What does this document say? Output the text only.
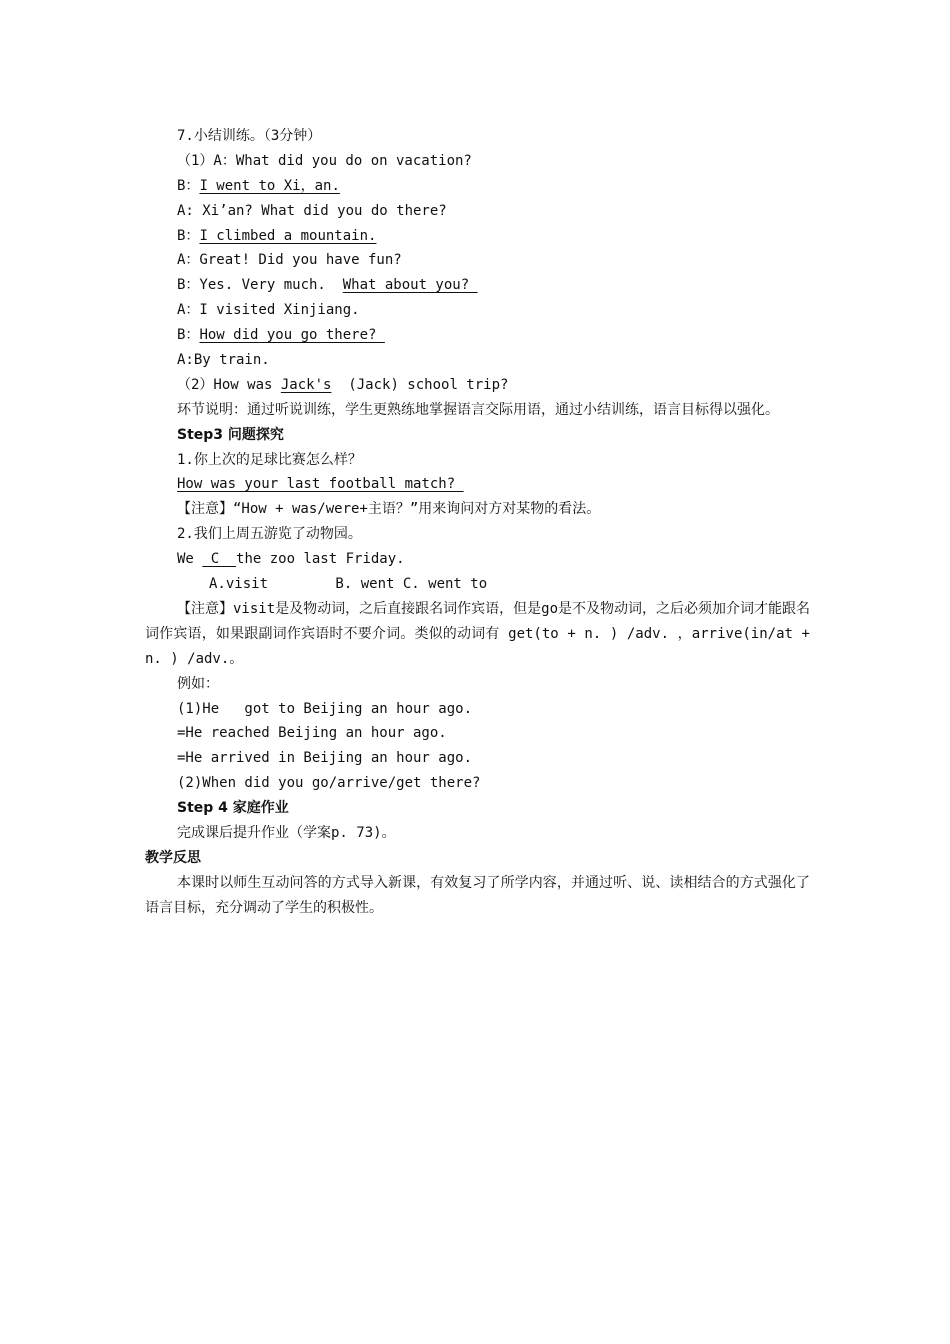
7.小结训练。（3分钟）
（1）A：What did you do on vacation?
B：I went to Xi，an.
A: Xi’an? What did you do there?
B：I climbed a mountain.
A：Great! Did you have fun?
B：Yes. Very much.  What about you?
A：I visited Xinjiang.
B：How did you go there?
A:By train.
（2）How was Jack's  (Jack) school trip?
环节说明：通过听说训练，学生更熟练地掌握语言交际用语，通过小结训练，语言目标得以强化。
Step3 问题探究
1.你上次的足球比赛怎么样？
How was your last football match?
【注意】“How + was/were+主语？”用来询问对方对某物的看法。
2.我们上周五游览了动物园。
We  C  the zoo last Friday.
A.visit        B. went C. went to
【注意】visit是及物动词，之后直接跟名词作宾语，但是go是不及物动词，之后必须加介词才能跟名词作宾语，如果跟副词作宾语时不要介词。类似的动词有 get(to + n. ) /adv. ，arrive(in/at + n. ) /adv.。
例如：
(1)He   got to Beijing an hour ago.
=He reached Beijing an hour ago.
=He arrived in Beijing an hour ago.
(2)When did you go/arrive/get there?
Step 4 家庭作业
完成课后提升作业（学案p. 73)。
教学反思
本课时以师生互动问答的方式导入新课，有效复习了所学内容，并通过听、说、读相结合的方式强化了语言目标，充分调动了学生的积极性。
